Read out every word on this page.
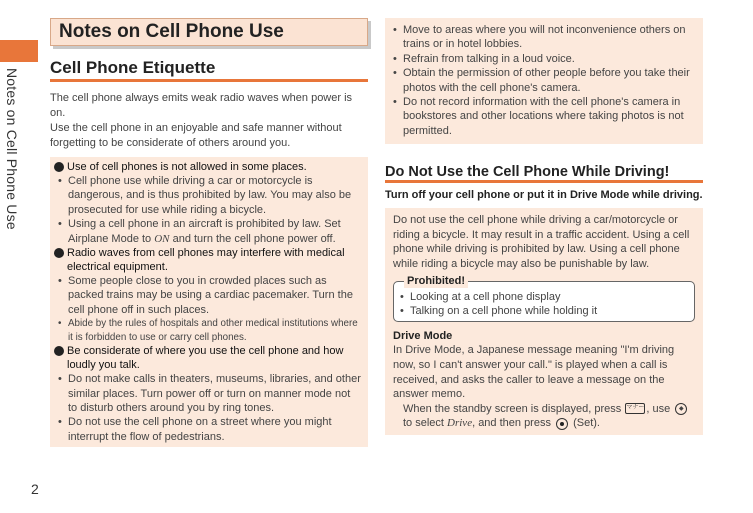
Notes on Cell Phone Use
2
Notes on Cell Phone Use
Cell Phone Etiquette
The cell phone always emits weak radio waves when power is on.
Use the cell phone in an enjoyable and safe manner without forgetting to be considerate of others around you.
Use of cell phones is not allowed in some places.
• Cell phone use while driving a car or motorcycle is dangerous, and is thus prohibited by law. You may also be prosecuted for use while riding a bicycle.
• Using a cell phone in an aircraft is prohibited by law. Set Airplane Mode to ON and turn the cell phone power off.
Radio waves from cell phones may interfere with medical electrical equipment.
• Some people close to you in crowded places such as packed trains may be using a cardiac pacemaker. Turn the cell phone off in such places.
• Abide by the rules of hospitals and other medical institutions where it is forbidden to use or carry cell phones.
Be considerate of where you use the cell phone and how loudly you talk.
• Do not make calls in theaters, museums, libraries, and other similar places. Turn power off or turn on manner mode not to disturb others around you by ring tones.
• Do not use the cell phone on a street where you might interrupt the flow of pedestrians.
• Move to areas where you will not inconvenience others on trains or in hotel lobbies.
• Refrain from talking in a loud voice.
• Obtain the permission of other people before you take their photos with the cell phone's camera.
• Do not record information with the cell phone's camera in bookstores and other locations where taking photos is not permitted.
Do Not Use the Cell Phone While Driving!
Turn off your cell phone or put it in Drive Mode while driving.
Do not use the cell phone while driving a car/motorcycle or riding a bicycle. It may result in a traffic accident. Using a cell phone while driving is prohibited by law. Using a cell phone while riding a bicycle may also be punishable by law.
Prohibited!
• Looking at a cell phone display
• Talking on a cell phone while holding it
Drive Mode
In Drive Mode, a Japanese message meaning "I'm driving now, so I can't answer your call." is played when a call is received, and asks the caller to leave a message on the answer memo.
When the standby screen is displayed, press マナー , use ◆ to select Drive, and then press (Set).
